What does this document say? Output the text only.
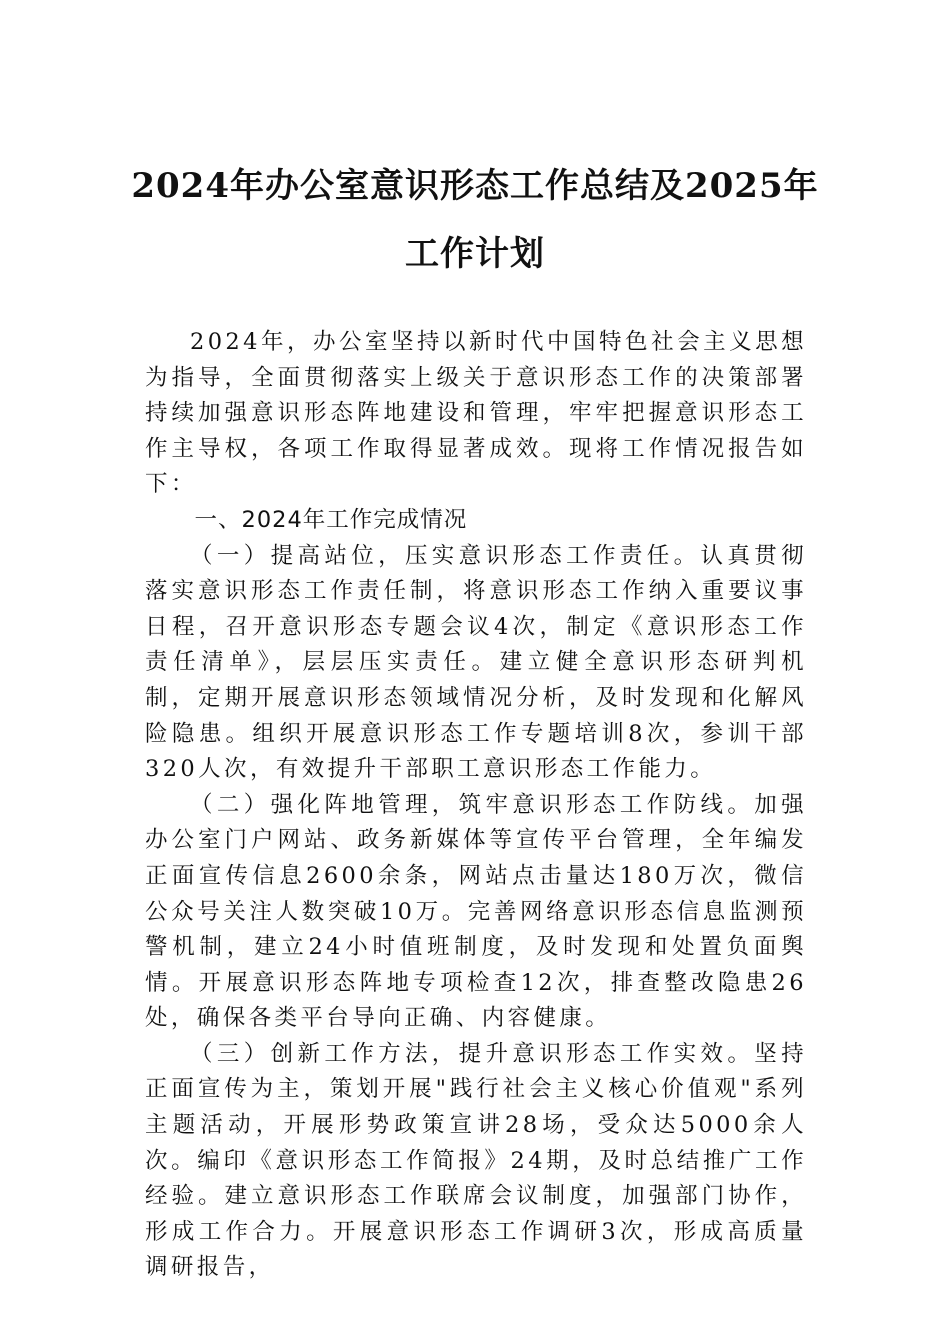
2024年办公室意识形态工作总结及2025年
工作计划

2024年，办公室坚持以新时代中国特色社会主义思想为指导，全面贯彻落实上级关于意识形态工作的决策部署持续加强意识形态阵地建设和管理，牢牢把握意识形态工作主导权，各项工作取得显著成效。现将工作情况报告如下：

一、2024年工作完成情况

（一）提高站位，压实意识形态工作责任。认真贯彻落实意识形态工作责任制，将意识形态工作纳入重要议事日程，召开意识形态专题会议4次，制定《意识形态工作责任清单》，层层压实责任。建立健全意识形态研判机制，定期开展意识形态领域情况分析，及时发现和化解风险隐患。组织开展意识形态工作专题培训8次，参训干部320人次，有效提升干部职工意识形态工作能力。

（二）强化阵地管理，筑牢意识形态工作防线。加强办公室门户网站、政务新媒体等宣传平台管理，全年编发正面宣传信息2600余条，网站点击量达180万次，微信公众号关注人数突破10万。完善网络意识形态信息监测预警机制，建立24小时值班制度，及时发现和处置负面舆情。开展意识形态阵地专项检查12次，排查整改隐患26处，确保各类平台导向正确、内容健康。

（三）创新工作方法，提升意识形态工作实效。坚持正面宣传为主，策划开展"践行社会主义核心价值观"系列主题活动，开展形势政策宣讲28场，受众达5000余人次。编印《意识形态工作简报》24期，及时总结推广工作经验。建立意识形态工作联席会议制度，加强部门协作，形成工作合力。开展意识形态工作调研3次，形成高质量调研报告，
